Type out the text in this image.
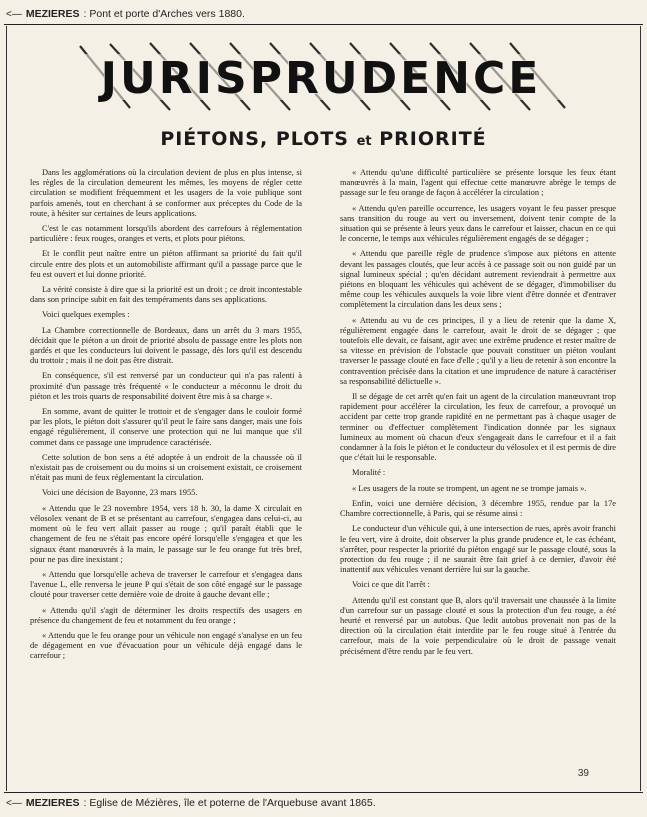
<— MEZIERES : Pont et porte d'Arches vers 1880.
JURISPRUDENCE
PIÉTONS, PLOTS et PRIORITÉ

Dans les agglomérations où la circulation devient de plus en plus intense, si les règles de la circulation demeurent les mêmes, les moyens de régler cette circulation se modifient fréquemment et les usagers de la voie publique sont parfois amenés, tout en cherchant à se conformer aux préceptes du Code de la route, à hésiter sur certaines de leurs applications.

C'est le cas notamment lorsqu'ils abordent des carrefours à réglementation particulière : feux rouges, oranges et verts, et plots pour piétons.

Et le conflit peut naître entre un piéton affirmant sa priorité du fait qu'il circule entre des plots et un automobiliste affirmant qu'il a passage parce que le feu est ouvert et lui donne priorité.

La vérité consiste à dire que si la priorité est un droit ; ce droit incontestable dans son principe subit en fait des tempéraments dans ses applications.

Voici quelques exemples :

La Chambre correctionnelle de Bordeaux, dans un arrêt du 3 mars 1955, décidait que le piéton a un droit de priorité absolu de passage entre les plots non gardés et que les conducteurs lui doivent le passage, dès lors qu'il est descendu du trottoir ; mais il ne doit pas être distrait.

En conséquence, s'il est renversé par un conducteur qui n'a pas ralenti à proximité d'un passage très fréquenté « le conducteur a méconnu le droit du piéton et les trois quarts de responsabilité doivent être mis à sa charge ».

En somme, avant de quitter le trottoir et de s'engager dans le couloir formé par les plots, le piéton doit s'assurer qu'il peut le faire sans danger, mais une fois engagé régulièrement, il conserve une protection qui ne lui manque que s'il commet dans ce passage une imprudence caractérisée.

Cette solution de bon sens a été adoptée à un endroit de la chaussée où il n'existait pas de croisement ou du moins si un croisement existait, ce croisement n'était pas muni de feux réglementant la circulation.

Voici une décision de Bayonne, 23 mars 1955.

« Attendu que le 23 novembre 1954, vers 18 h. 30, la dame X circulait en vélosolex venant de B et se présentant au carrefour, s'engagea dans celui-ci, au moment où le feu vert allait passer au rouge ; qu'il paraît établi que le changement de feu ne s'était pas encore opéré lorsqu'elle s'engagea et que les signaux étant manœuvrés à la main, le passage sur le feu orange fut très bref, pour ne pas dire inexistant ;

« Attendu que lorsqu'elle acheva de traverser le carrefour et s'engagea dans l'avenue L, elle renversa le jeune P qui s'était de son côté engagé sur le passage clouté pour traverser cette dernière voie de droite à gauche devant elle ;

« Attendu qu'il s'agit de déterminer les droits respectifs des usagers en présence du changement de feu et notamment du feu orange ;

« Attendu que le feu orange pour un véhicule non engagé s'analyse en un feu de dégagement en vue d'évacuation pour un véhicule déjà engagé dans le carrefour ;

« Attendu qu'une difficulté particulière se présente lorsque les feux étant manœuvrés à la main, l'agent qui effectue cette manœuvre abrège le temps de passage sur le feu orange de façon à accélérer la circulation ;

« Attendu qu'en pareille occurrence, les usagers voyant le feu passer presque sans transition du rouge au vert ou inversement, doivent tenir compte de la situation qui se présente à leurs yeux dans le carrefour et laisser, chacun en ce qui le concerne, le temps aux véhicules régulièrement engagés de se dégager ;

« Attendu que pareille règle de prudence s'impose aux piétons en attente devant les passages cloutés, que leur accès à ce passage soit ou non guidé par un signal lumineux spécial ; qu'en décidant autrement reviendrait à permettre aux piétons en bloquant les véhicules qui achèvent de se dégager, d'immobiliser du même coup les véhicules auxquels la voie libre vient d'être donnée et d'entraver complètement la circulation dans les deux sens ;

« Attendu au vu de ces principes, il y a lieu de retenir que la dame X, régulièrement engagée dans le carrefour, avait le droit de se dégager ; que toutefois elle devait, ce faisant, agir avec une extrême prudence et rester maître de sa vitesse en prévision de l'obstacle que pouvait constituer un piéton voulant traverser le passage clouté en face d'elle ; qu'il y a lieu de retenir à son encontre la contravention précisée dans la citation et une imprudence de nature à caractériser sa responsabilité délictuelle ».

Il se dégage de cet arrêt qu'en fait un agent de la circulation manœuvrant trop rapidement pour accélérer la circulation, les feux de carrefour, a provoqué un accident par cette trop grande rapidité en ne permettant pas à chaque usager de terminer ou d'effectuer complètement l'indication donnée par les signaux lumineux au moment où chacun d'eux s'engageait dans le carrefour et il a fait condamner à la fois le piéton et le conducteur du vélosolex et il est permis de dire que c'était lui le responsable.

Moralité :

« Les usagers de la route se trompent, un agent ne se trompe jamais ».

Enfin, voici une dernière décision, 3 décembre 1955, rendue par la 17e Chambre correctionnelle, à Paris, qui se résume ainsi :

Le conducteur d'un véhicule qui, à une intersection de rues, après avoir franchi le feu vert, vire à droite, doit observer la plus grande prudence et, le cas échéant, s'arrêter, pour respecter la priorité du piéton engagé sur le passage clouté, sous la protection du feu rouge ; il ne saurait être fait grief à ce dernier, d'avoir été inattentif aux véhicules venant derrière lui sur la gauche.

Voici ce que dit l'arrêt :

Attendu qu'il est constant que B, alors qu'il traversait une chaussée à la limite d'un carrefour sur un passage clouté et sous la protection d'un feu rouge, a été heurté et renversé par un autobus. Que ledit autobus provenait non pas de la direction où la circulation était interdite par le feu rouge situé à l'entrée du carrefour, mais de la voie perpendiculaire où le droit de passage venait précisément d'être rendu par le feu vert.

39
<— MEZIERES : Eglise de Mézières, île et poterne de l'Arquebuse avant 1865.
